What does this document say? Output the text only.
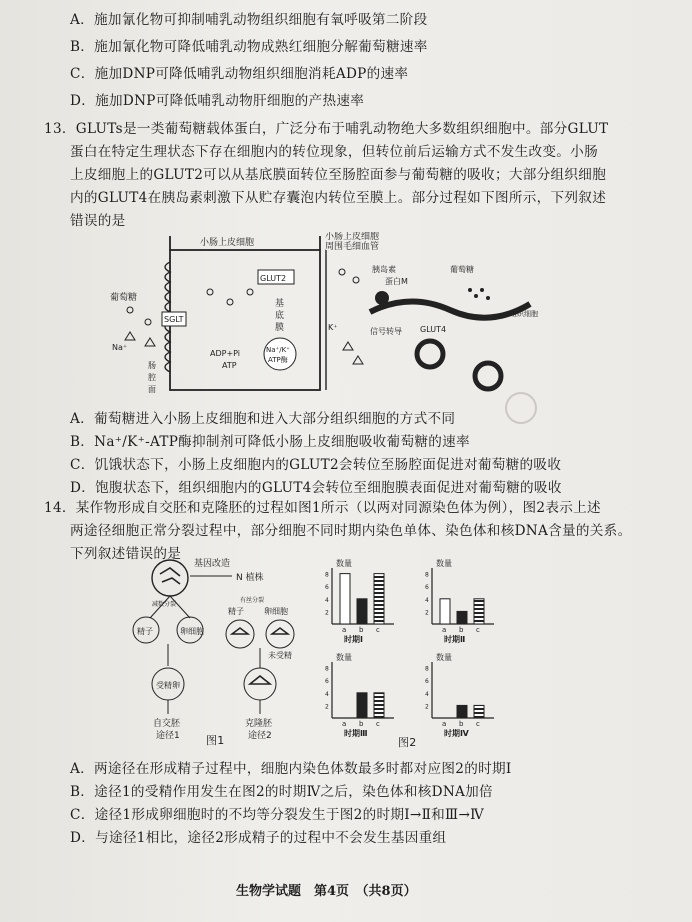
A．施加氰化物可抑制哺乳动物组织细胞有氧呼吸第二阶段
B．施加氰化物可降低哺乳动物成熟红细胞分解葡萄糖速率
C．施加DNP可降低哺乳动物组织细胞消耗ADP的速率
D．施加DNP可降低哺乳动物肝细胞的产热速率
13．GLUTs是一类葡萄糖载体蛋白，广泛分布于哺乳动物绝大多数组织细胞中。部分GLUT
蛋白在特定生理状态下存在细胞内的转位现象，但转位前后运输方式不发生改变。小肠
上皮细胞上的GLUT2可以从基底膜面转位至肠腔面参与葡萄糖的吸收；大部分组织细胞
内的GLUT4在胰岛素刺激下从贮存囊泡内转位至膜上。部分过程如下图所示，下列叙述
错误的是
小肠上皮细胞
小肠上皮细胞
周围毛细血管
葡萄糖
SGLT
GLUT2
基
底
膜
Na⁺
K⁺
Na⁺/K⁺
ATP酶
ADP+Pi
ATP
肠
腔
面
胰岛素
蛋白M
葡萄糖
组织细胞
信号转导 GLUT4
A．葡萄糖进入小肠上皮细胞和进入大部分组织细胞的方式不同
B．Na⁺/K⁺-ATP酶抑制剂可降低小肠上皮细胞吸收葡萄糖的速率
C．饥饿状态下，小肠上皮细胞内的GLUT2会转位至肠腔面促进对葡萄糖的吸收
D．饱腹状态下，组织细胞内的GLUT4会转位至细胞膜表面促进对葡萄糖的吸收
14．某作物形成自交胚和克隆胚的过程如图1所示（以两对同源染色体为例），图2表示上述
两途径细胞正常分裂过程中，部分细胞不同时期内染色单体、染色体和核DNA含量的关系。
下列叙述错误的是
基因改造
N 植株
减数分裂
精子	卵细胞
受精卵
自交胚
途径1
有丝分裂
精子	卵细胞
未受精
克隆胚
途径2
图1
数量
2
4
6
8
a b c
时期Ⅰ
数量
2
4
6
8
a b c
时期Ⅱ
数量
2
4
6
8
a b c
时期Ⅲ
数量
2
4
6
8
a b c
时期Ⅳ
图2
A．两途径在形成精子过程中，细胞内染色体数最多时都对应图2的时期Ⅰ
B．途径1的受精作用发生在图2的时期Ⅳ之后，染色体和核DNA加倍
C．途径1形成卵细胞时的不均等分裂发生于图2的时期Ⅰ→Ⅱ和Ⅲ→Ⅳ
D．与途径1相比，途径2形成精子的过程中不会发生基因重组
生物学试题　第4页　（共8页）
